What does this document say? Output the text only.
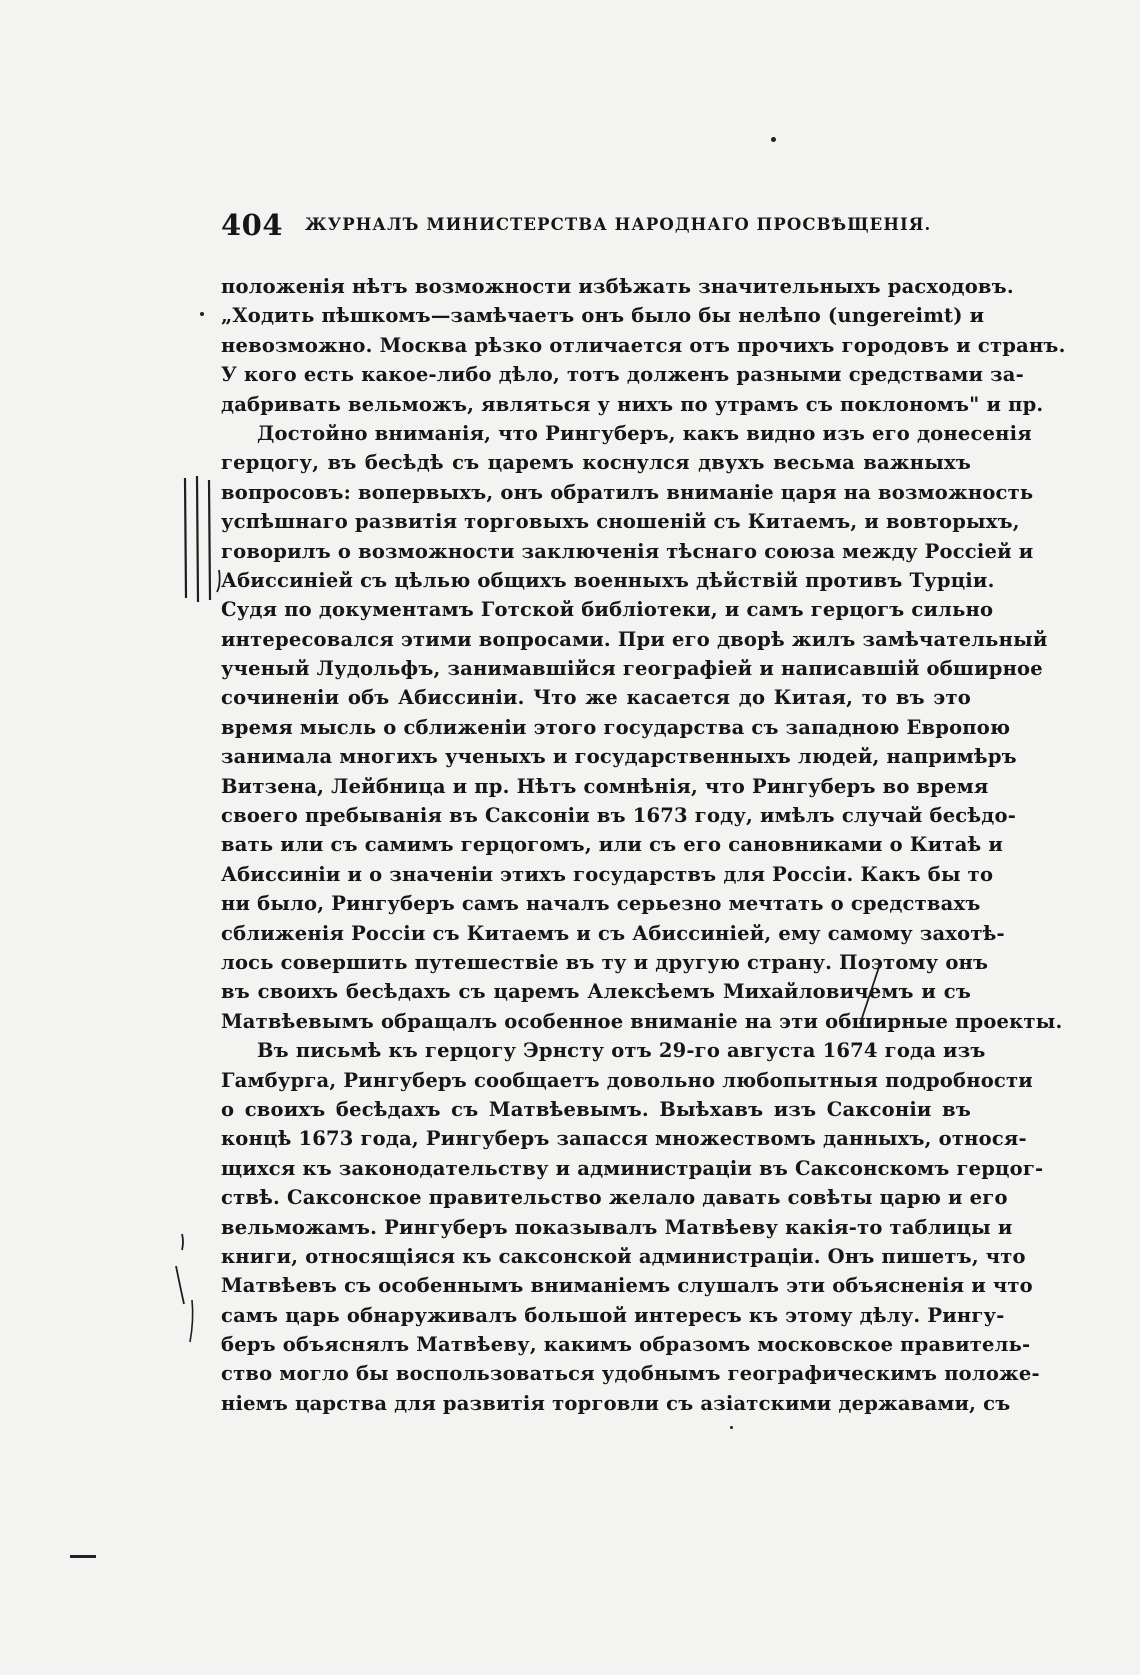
404 ЖУРНАЛЪ МИНИСТЕРСТВА НАРОДНАГО ПРОСВѢЩЕНІЯ.
положенія нѣтъ возможности избѣжать значительныхъ расходовъ.
„Ходить пѣшкомъ—замѣчаетъ онъ было бы нелѣпо (ungereimt) и
невозможно. Москва рѣзко отличается отъ прочихъ городовъ и странъ.
У кого есть какое-либо дѣло, тотъ долженъ разными средствами за-
дабривать вельможъ, являться у нихъ по утрамъ съ поклономъ" и пр.
Достойно вниманія, что Рингуберъ, какъ видно изъ его донесенія
герцогу, въ бесѣдѣ съ царемъ коснулся двухъ весьма важныхъ
вопросовъ: вопервыхъ, онъ обратилъ вниманіе царя на возможность
успѣшнаго развитія торговыхъ сношеній съ Китаемъ, и вовторыхъ,
говорилъ о возможности заключенія тѣснаго союза между Россіей и
Абиссиніей съ цѣлью общихъ военныхъ дѣйствій противъ Турціи.
Судя по документамъ Готской библіотеки, и самъ герцогъ сильно
интересовался этими вопросами. При его дворѣ жилъ замѣчательный
ученый Лудольфъ, занимавшійся географіей и написавшій обширное
сочиненіи объ Абиссиніи. Что же касается до Китая, то въ это
время мысль о сближеніи этого государства съ западною Европою
занимала многихъ ученыхъ и государственныхъ людей, напримѣръ
Витзена, Лейбница и пр. Нѣтъ сомнѣнія, что Рингуберъ во время
своего пребыванія въ Саксоніи въ 1673 году, имѣлъ случай бесѣдо-
вать или съ самимъ герцогомъ, или съ его сановниками о Китаѣ и
Абиссиніи и о значеніи этихъ государствъ для Россіи. Какъ бы то
ни было, Рингуберъ самъ началъ серьезно мечтать о средствахъ
сближенія Россіи съ Китаемъ и съ Абиссиніей, ему самому захотѣ-
лось совершить путешествіе въ ту и другую страну. Поэтому онъ
въ своихъ бесѣдахъ съ царемъ Алексѣемъ Михайловичемъ и съ
Матвѣевымъ обращалъ особенное вниманіе на эти обширные проекты.
Въ письмѣ къ герцогу Эрнсту отъ 29-го августа 1674 года изъ
Гамбурга, Рингуберъ сообщаетъ довольно любопытныя подробности
о своихъ бесѣдахъ съ Матвѣевымъ. Выѣхавъ изъ Саксоніи въ
концѣ 1673 года, Рингуберъ запасся множествомъ данныхъ, относя-
щихся къ законодательству и администраціи въ Саксонскомъ герцог-
ствѣ. Саксонское правительство желало давать совѣты царю и его
вельможамъ. Рингуберъ показывалъ Матвѣеву какія-то таблицы и
книги, относящіяся къ саксонской администраціи. Онъ пишетъ, что
Матвѣевъ съ особеннымъ вниманіемъ слушалъ эти объясненія и что
самъ царь обнаруживалъ большой интересъ къ этому дѣлу. Рингу-
беръ объяснялъ Матвѣеву, какимъ образомъ московское правитель-
ство могло бы воспользоваться удобнымъ географическимъ положе-
ніемъ царства для развитія торговли съ азіатскими державами, съ
